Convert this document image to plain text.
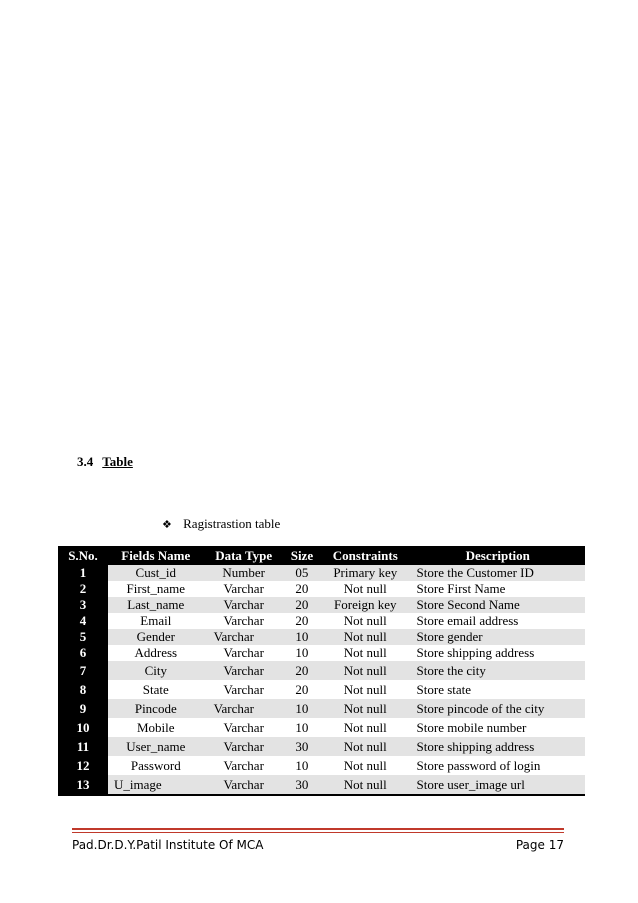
3.4 Table
❖ Ragistrastion table
S.No.	Fields Name	Data Type	Size	Constraints	Description
1	Cust_id	Number	05	Primary key	Store the Customer ID
2	First_name	Varchar	20	Not null	Store First Name
3	Last_name	Varchar	20	Foreign key	Store Second Name
4	Email	Varchar	20	Not null	Store email address
5	Gender	Varchar	10	Not null	Store gender
6	Address	Varchar	10	Not null	Store shipping address
7	City	Varchar	20	Not null	Store the city
8	State	Varchar	20	Not null	Store state
9	Pincode	Varchar	10	Not null	Store pincode of the city
10	Mobile	Varchar	10	Not null	Store mobile number
11	User_name	Varchar	30	Not null	Store shipping address
12	Password	Varchar	10	Not null	Store password of login
13	U_image	Varchar	30	Not null	Store user_image url
Pad.Dr.D.Y.Patil Institute Of MCA	Page 17
